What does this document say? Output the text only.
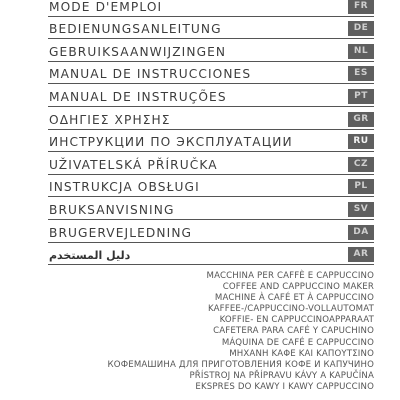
MODE D'EMPLOI	FR
BEDIENUNGSANLEITUNG	DE
GEBRUIKSAANWIJZINGEN	NL
MANUAL DE INSTRUCCIONES	ES
MANUAL DE INSTRUÇÕES	PT
ΟΔΗΓΙΕΣ ΧΡΗΣΗΣ	GR
ИНСТРУКЦИИ ПО ЭКСПЛУАТАЦИИ	RU
UŽIVATELSKÁ PŘÍRUČKA	CZ
INSTRUKCJA OBSŁUGI	PL
BRUKSANVISNING	SV
BRUGERVEJLEDNING	DA
دليل المستخدم	AR
MACCHINA PER CAFFÈ E CAPPUCCINO
COFFEE AND CAPPUCCINO MAKER
MACHINE À CAFÉ ET À CAPPUCCINO
KAFFEE-/CAPPUCCINO-VOLLAUTOMAT
KOFFIE- EN CAPPUCCINOAPPARAAT
CAFETERA PARA CAFÉ Y CAPUCHINO
MÁQUINA DE CAFÉ E CAPPUCCINO
ΜΗΧΑΝΗ ΚΑΦΕ ΚΑΙ ΚΑΠΟΥΤΣΙΝΟ
КОФЕМАШИНА ДЛЯ ПРИГОТОВЛЕНИЯ КОФЕ И КАПУЧИНО
PŘÍSTROJ NA PŘÍPRAVU KÁVY A KAPUČÍNA
EKSPRES DO KAWY I KAWY CAPPUCCINO
